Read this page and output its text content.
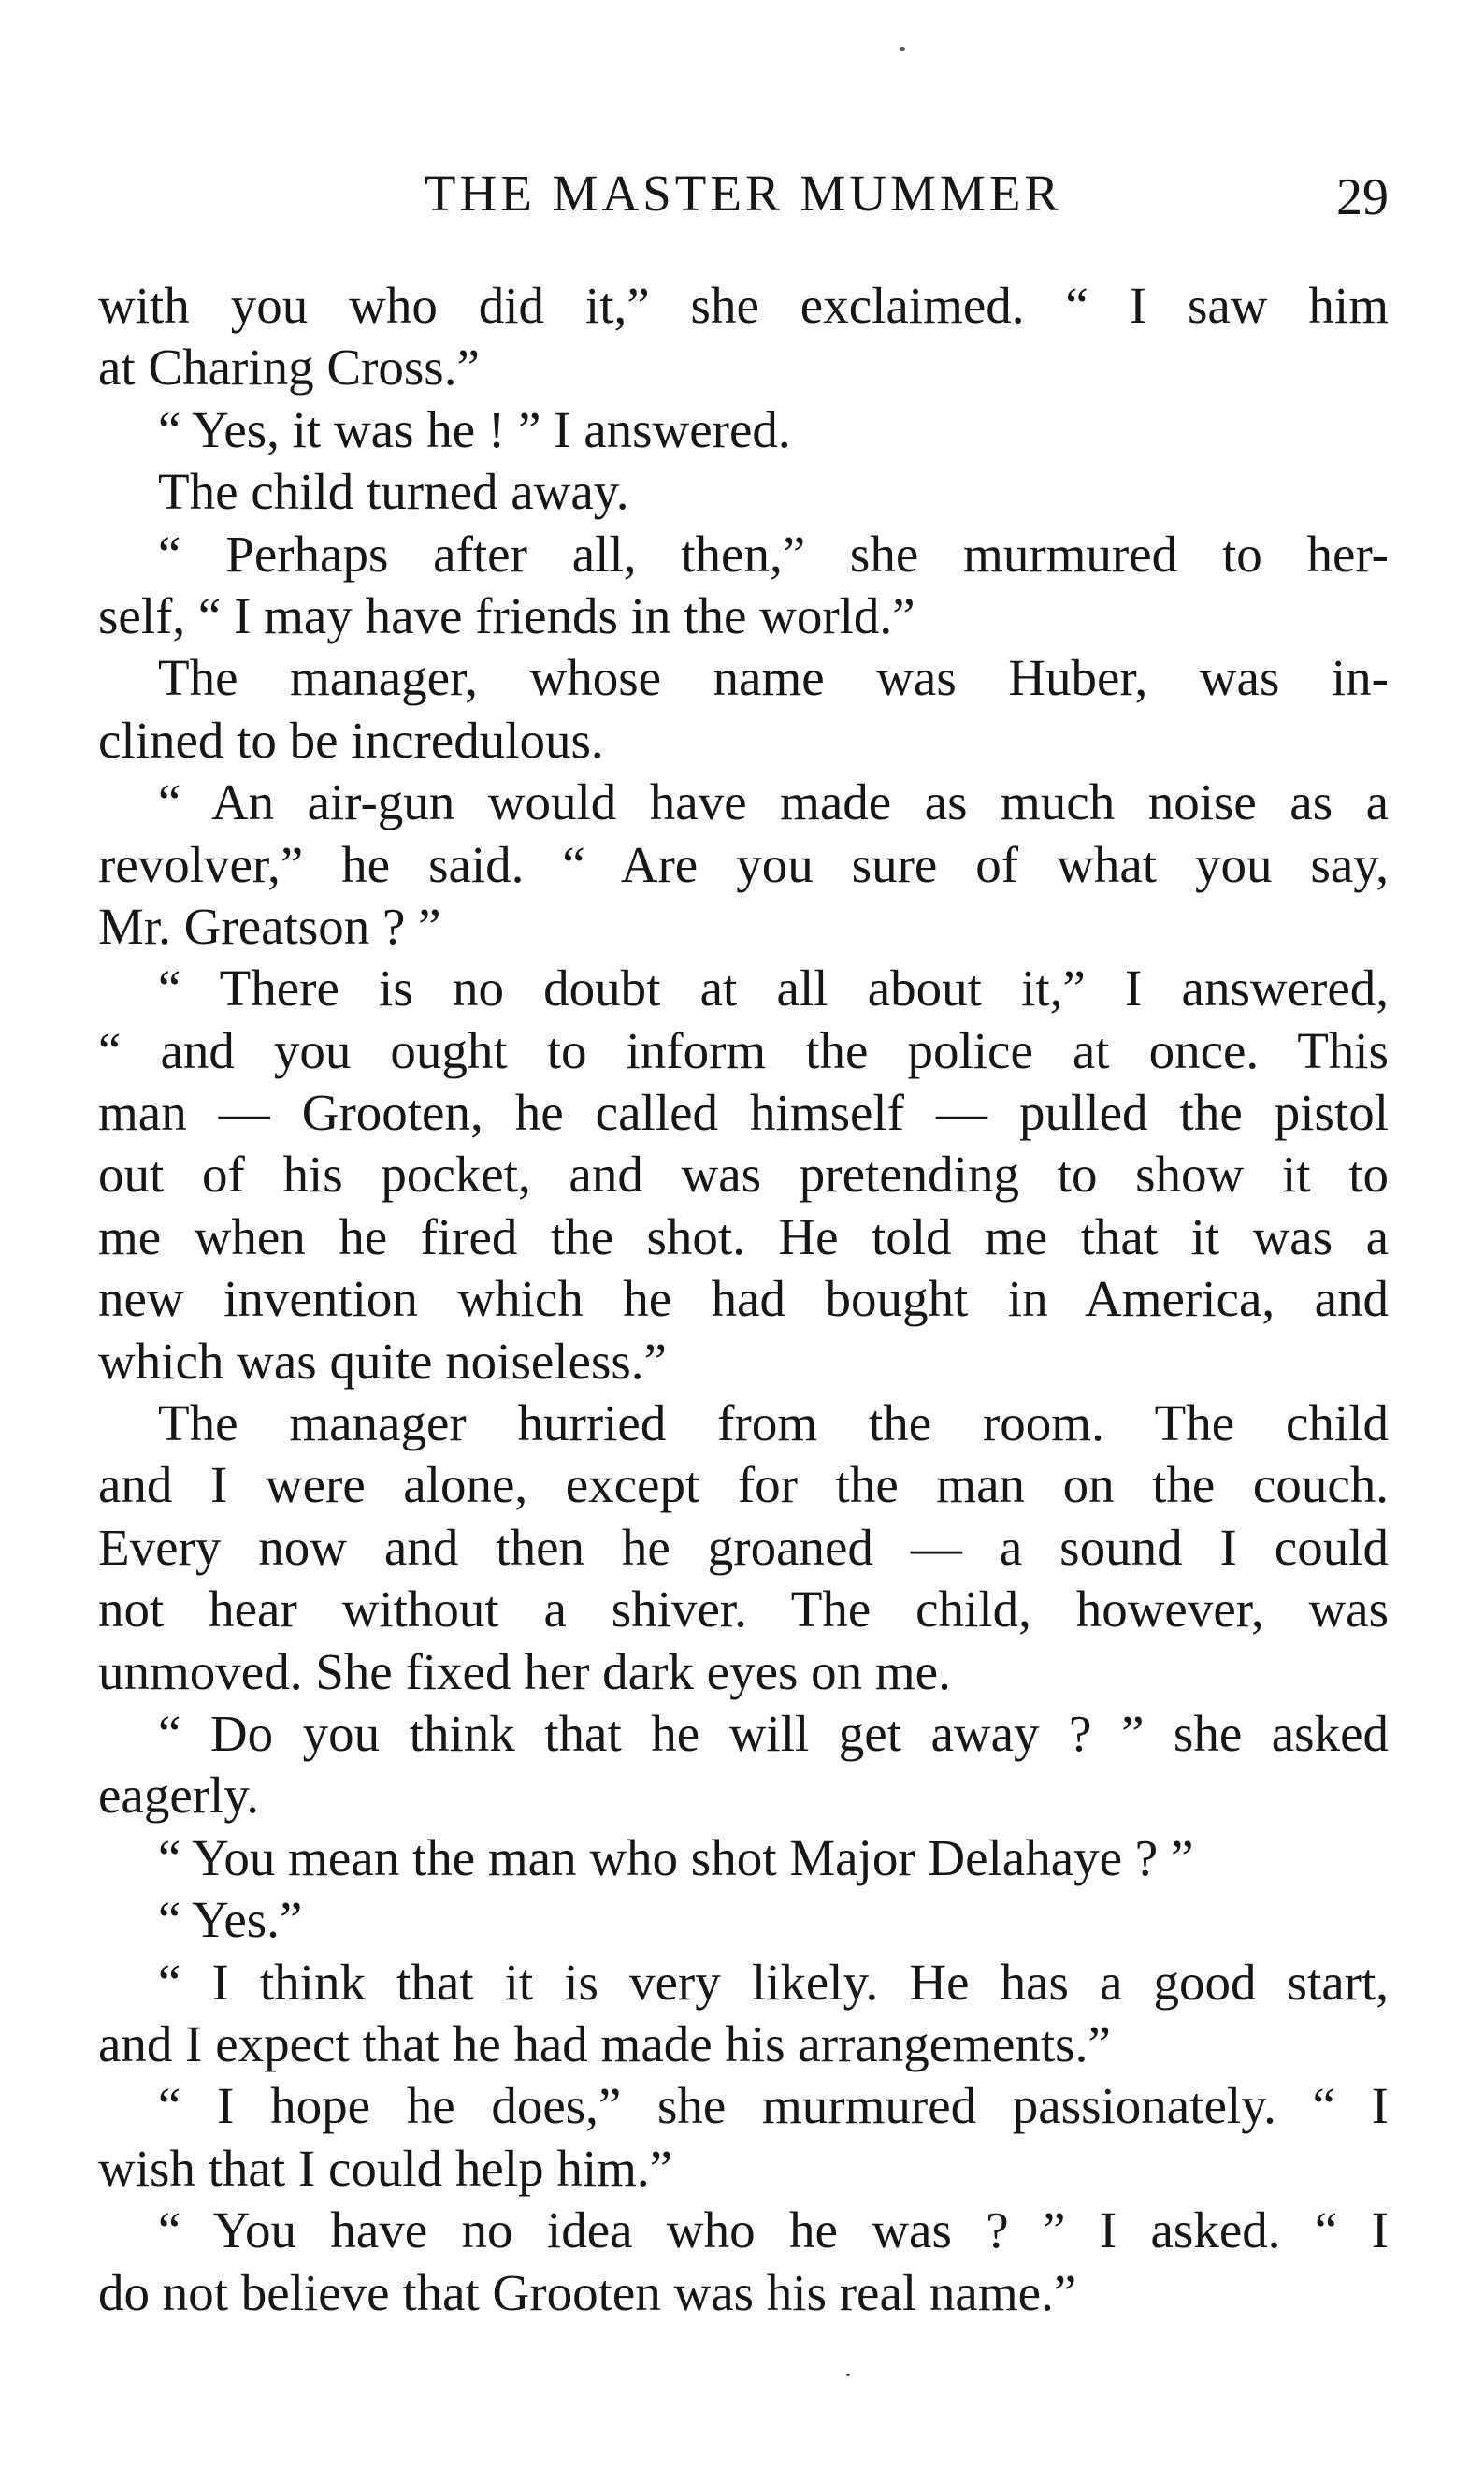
THE MASTER MUMMER	29
with you who did it,” she exclaimed. “ I saw him
at Charing Cross.”
“ Yes, it was he ! ” I answered.
The child turned away.
“ Perhaps after all, then,” she murmured to her-
self, “ I may have friends in the world.”
The manager, whose name was Huber, was in-
clined to be incredulous.
“ An air-gun would have made as much noise as a
revolver,” he said. “ Are you sure of what you say,
Mr. Greatson ? ”
“ There is no doubt at all about it,” I answered,
“ and you ought to inform the police at once. This
man — Grooten, he called himself — pulled the pistol
out of his pocket, and was pretending to show it to
me when he fired the shot. He told me that it was a
new invention which he had bought in America, and
which was quite noiseless.”
The manager hurried from the room. The child
and I were alone, except for the man on the couch.
Every now and then he groaned — a sound I could
not hear without a shiver. The child, however, was
unmoved. She fixed her dark eyes on me.
“ Do you think that he will get away ? ” she asked
eagerly.
“ You mean the man who shot Major Delahaye ? ”
“ Yes.”
“ I think that it is very likely. He has a good start,
and I expect that he had made his arrangements.”
“ I hope he does,” she murmured passionately. “ I
wish that I could help him.”
“ You have no idea who he was ? ” I asked. “ I
do not believe that Grooten was his real name.”
